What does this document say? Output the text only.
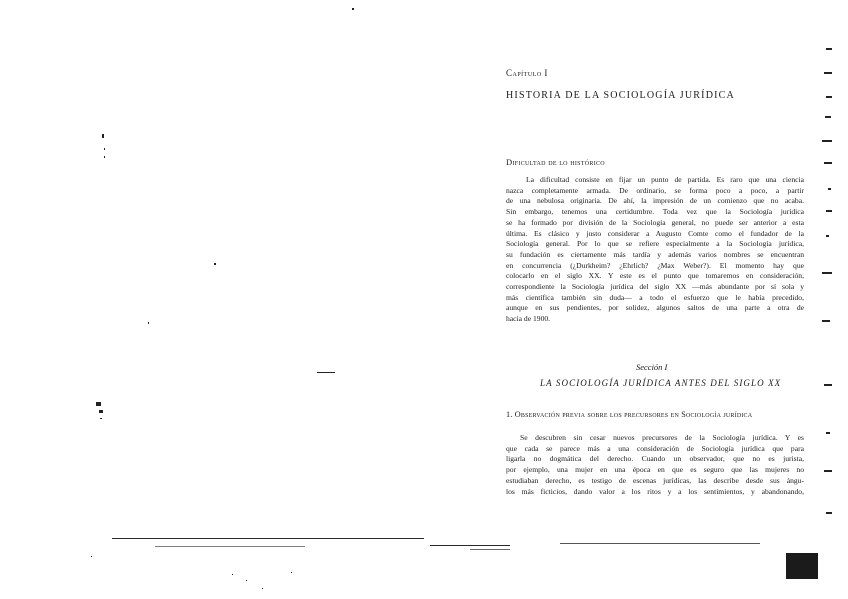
Capítulo I
HISTORIA DE LA SOCIOLOGÍA JURÍDICA
Dificultad de lo histórico
La dificultad consiste en fijar un punto de partida. Es raro que una ciencia
nazca completamente armada. De ordinario, se forma poco a poco, a partir
de una nebulosa originaria. De ahí, la impresión de un comienzo que no acaba.
Sin embargo, tenemos una certidumbre. Toda vez que la Sociología jurídica
se ha formado por división de la Sociología general, no puede ser anterior a esta
última. Es clásico y justo considerar a Augusto Comte como el fundador de la
Sociología general. Por lo que se refiere especialmente a la Sociología jurídica,
su fundación es ciertamente más tardía y además varios nombres se encuentran
en concurrencia (¿Durkheim? ¿Ehrlich? ¿Max Weber?). El momento hay que
colocarlo en el siglo XX. Y este es el punto que tomaremos en consideración,
correspondiente la Sociología jurídica del siglo XX —más abundante por sí sola y
más científica también sin duda— a todo el esfuerzo que le había precedido,
aunque en sus pendientes, por solidez, algunos saltos de una parte a otra de
hacia de 1900.
Sección I
LA SOCIOLOGÍA JURÍDICA ANTES DEL SIGLO XX
1. Observación previa sobre los precursores en Sociología jurídica
Se descubren sin cesar nuevos precursores de la Sociología jurídica. Y es
que cada se parece más a una consideración de Sociología jurídica que para
ligarla no dogmática del derecho. Cuando un observador, que no es jurista,
por ejemplo, una mujer en una época en que es seguro que las mujeres no
estudiaban derecho, es testigo de escenas jurídicas, las describe desde sus ángu-
los más ficticios, dando valor a los ritos y a los sentimientos, y abandonando,
